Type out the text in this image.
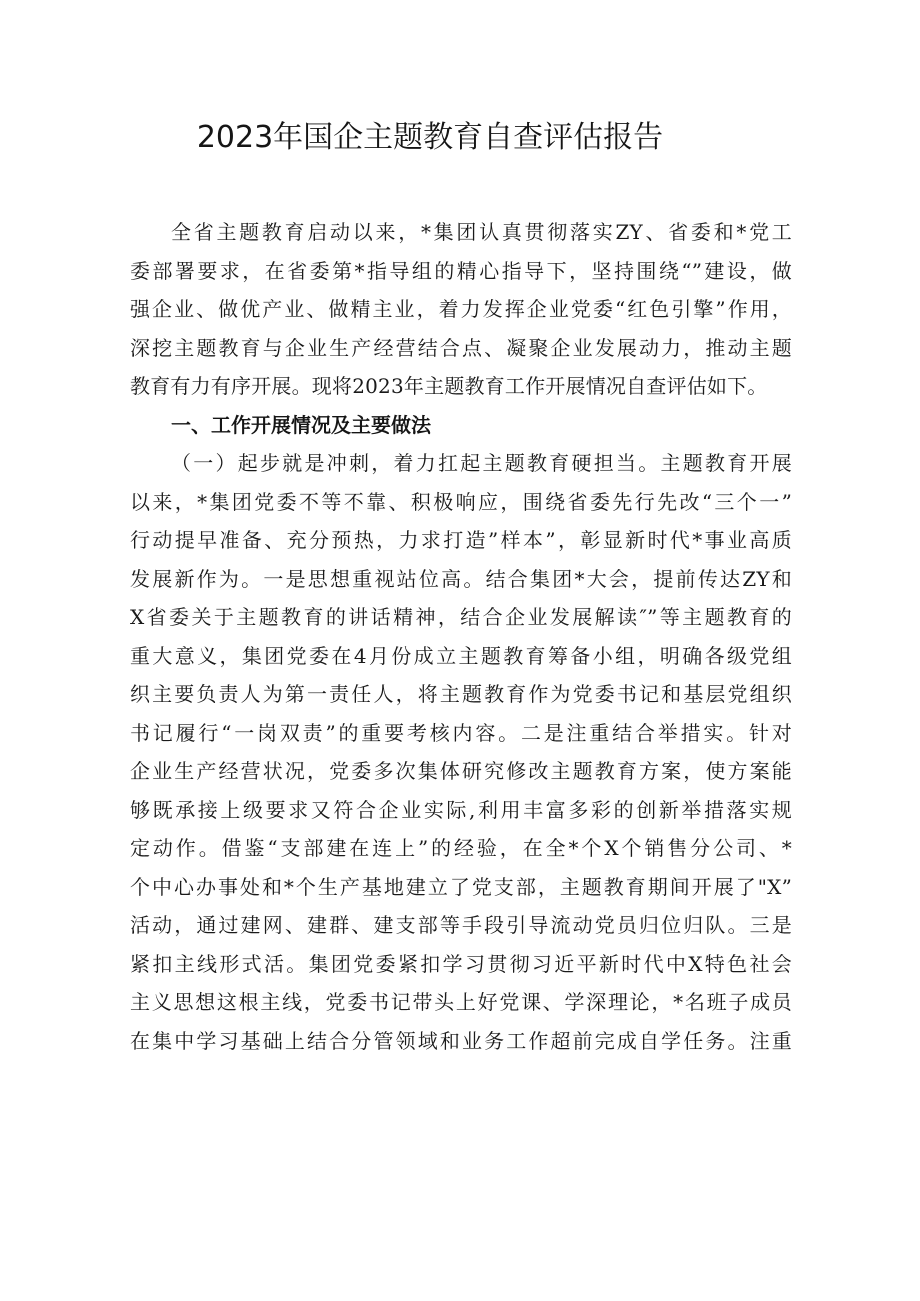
2023年国企主题教育自查评估报告
全省主题教育启动以来，*集团认真贯彻落实ZY、省委和*党工
委部署要求，在省委第*指导组的精心指导下，坚持围绕“”建设，做
强企业、做优产业、做精主业，着力发挥企业党委“红色引擎”作用，
深挖主题教育与企业生产经营结合点、凝聚企业发展动力，推动主题
教育有力有序开展。现将2023年主题教育工作开展情况自查评估如下。
一、工作开展情况及主要做法
（一）起步就是冲刺，着力扛起主题教育硬担当。主题教育开展
以来，*集团党委不等不靠、积极响应，围绕省委先行先改“三个一”
行动提早准备、充分预热，力求打造”样本”，彰显新时代*事业高质
发展新作为。一是思想重视站位高。结合集团*大会，提前传达ZY和
X省委关于主题教育的讲话精神，结合企业发展解读″”等主题教育的
重大意义，集团党委在4月份成立主题教育筹备小组，明确各级党组
织主要负责人为第一责任人，将主题教育作为党委书记和基层党组织
书记履行“一岗双责”的重要考核内容。二是注重结合举措实。针对
企业生产经营状况，党委多次集体研究修改主题教育方案，使方案能
够既承接上级要求又符合企业实际,利用丰富多彩的创新举措落实规
定动作。借鉴“支部建在连上”的经验，在全*个X个销售分公司、*
个中心办事处和*个生产基地建立了党支部，主题教育期间开展了"X”
活动，通过建网、建群、建支部等手段引导流动党员归位归队。三是
紧扣主线形式活。集团党委紧扣学习贯彻习近平新时代中X特色社会
主义思想这根主线，党委书记带头上好党课、学深理论，*名班子成员
在集中学习基础上结合分管领域和业务工作超前完成自学任务。注重
